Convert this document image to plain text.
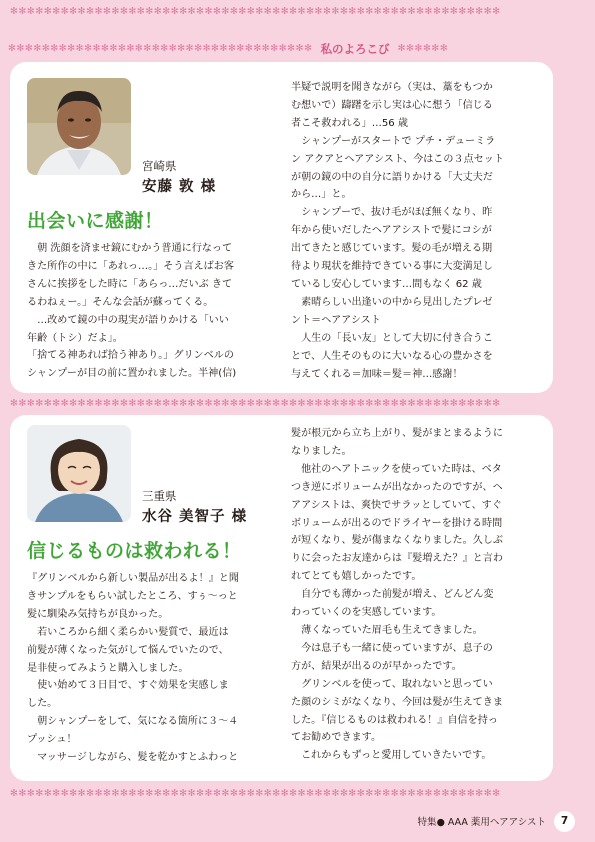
✻✻✻✻✻✻✻✻✻✻✻✻✻✻✻✻✻✻✻✻✻✻✻✻✻✻✻✻✻✻✻✻✻✻✻✻✻✻✻✻✻✻✻✻✻✻✻✻✻✻✻✻✻✻✻✻✻✻
✻✻✻✻✻✻✻✻✻✻✻✻✻✻✻✻✻✻✻✻✻✻✻✻✻✻✻✻✻✻✻✻✻✻✻✻ 私のよろこび ✻✻✻✻✻✻
宮崎県
安藤 敦 様
出会いに感謝！

　朝 洗顔を済ませ鏡にむかう普通に行なって
きた所作の中に「あれっ…。」そう言えばお客
さんに挨拶をした時に「あらっ…だいぶ きて
るわねぇー。」そんな会話が蘇ってくる。
　…改めて鏡の中の現実が語りかける「いい
年齢（トシ）だよ」。
「捨てる神あれば拾う神あり。」グリンベルの
シャンプーが目の前に置かれました。半神(信)

半疑で説明を聞きながら（実は、藁をもつか
む想いで）躊躇を示し実は心に想う「信じる
者こそ救われる」…56 歳
　シャンプーがスタートで プチ・デューミラ
ン アクアとヘアアシスト、今はこの３点セット
が朝の鏡の中の自分に語りかける「大丈夫だ
から…」と。
　シャンプーで、抜け毛がほぼ無くなり、昨
年から使いだしたヘアアシストで髪にコシが
出てきたと感じています。髪の毛が増える期
待より現状を維持できている事に大変満足し
ているし安心しています…間もなく 62 歳
　素晴らしい出逢いの中から見出したプレゼ
ント＝ヘアアシスト
　人生の「長い友」として大切に付き合うこ
とで、人生そのものに大いなる心の豊かさを
与えてくれる＝加味＝髪＝神…感謝！

✻✻✻✻✻✻✻✻✻✻✻✻✻✻✻✻✻✻✻✻✻✻✻✻✻✻✻✻✻✻✻✻✻✻✻✻✻✻✻✻✻✻✻✻✻✻✻✻✻✻✻✻✻✻✻✻✻✻
三重県
水谷 美智子 様
信じるものは救われる！

『グリンベルから新しい製品が出るよ！』と聞
きサンプルをもらい試したところ、すぅ～っと
髪に馴染み気持ちが良かった。
　若いころから細く柔らかい髪質で、最近は
前髪が薄くなった気がして悩んでいたので、
是非使ってみようと購入しました。
　使い始めて３日目で、すぐ効果を実感しま
した。
　朝シャンプーをして、気になる箇所に３～４
プッシュ！
　マッサージしながら、髪を乾かすとふわっと

髪が根元から立ち上がり、髪がまとまるように
なりました。
　他社のヘアトニックを使っていた時は、ベタ
つき逆にボリュームが出なかったのですが、ヘ
アアシストは、爽快でサラッとしていて、すぐ
ボリュームが出るのでドライヤーを掛ける時間
が短くなり、髪が傷まなくなりました。久しぶ
りに会ったお友達からは『髪増えた？』と言わ
れてとても嬉しかったです。
　自分でも薄かった前髪が増え、どんどん変
わっていくのを実感しています。
　薄くなっていた眉毛も生えてきました。
　今は息子も一緒に使っていますが、息子の
方が、結果が出るのが早かったです。
　グリンベルを使って、取れないと思ってい
た顔のシミがなくなり、今回は髪が生えてきま
した。『信じるものは救われる！』自信を持っ
てお勧めできます。
　これからもずっと愛用していきたいです。

✻✻✻✻✻✻✻✻✻✻✻✻✻✻✻✻✻✻✻✻✻✻✻✻✻✻✻✻✻✻✻✻✻✻✻✻✻✻✻✻✻✻✻✻✻✻✻✻✻✻✻✻✻✻✻✻✻✻
特集● AAA 薬用ヘアアシスト	7
